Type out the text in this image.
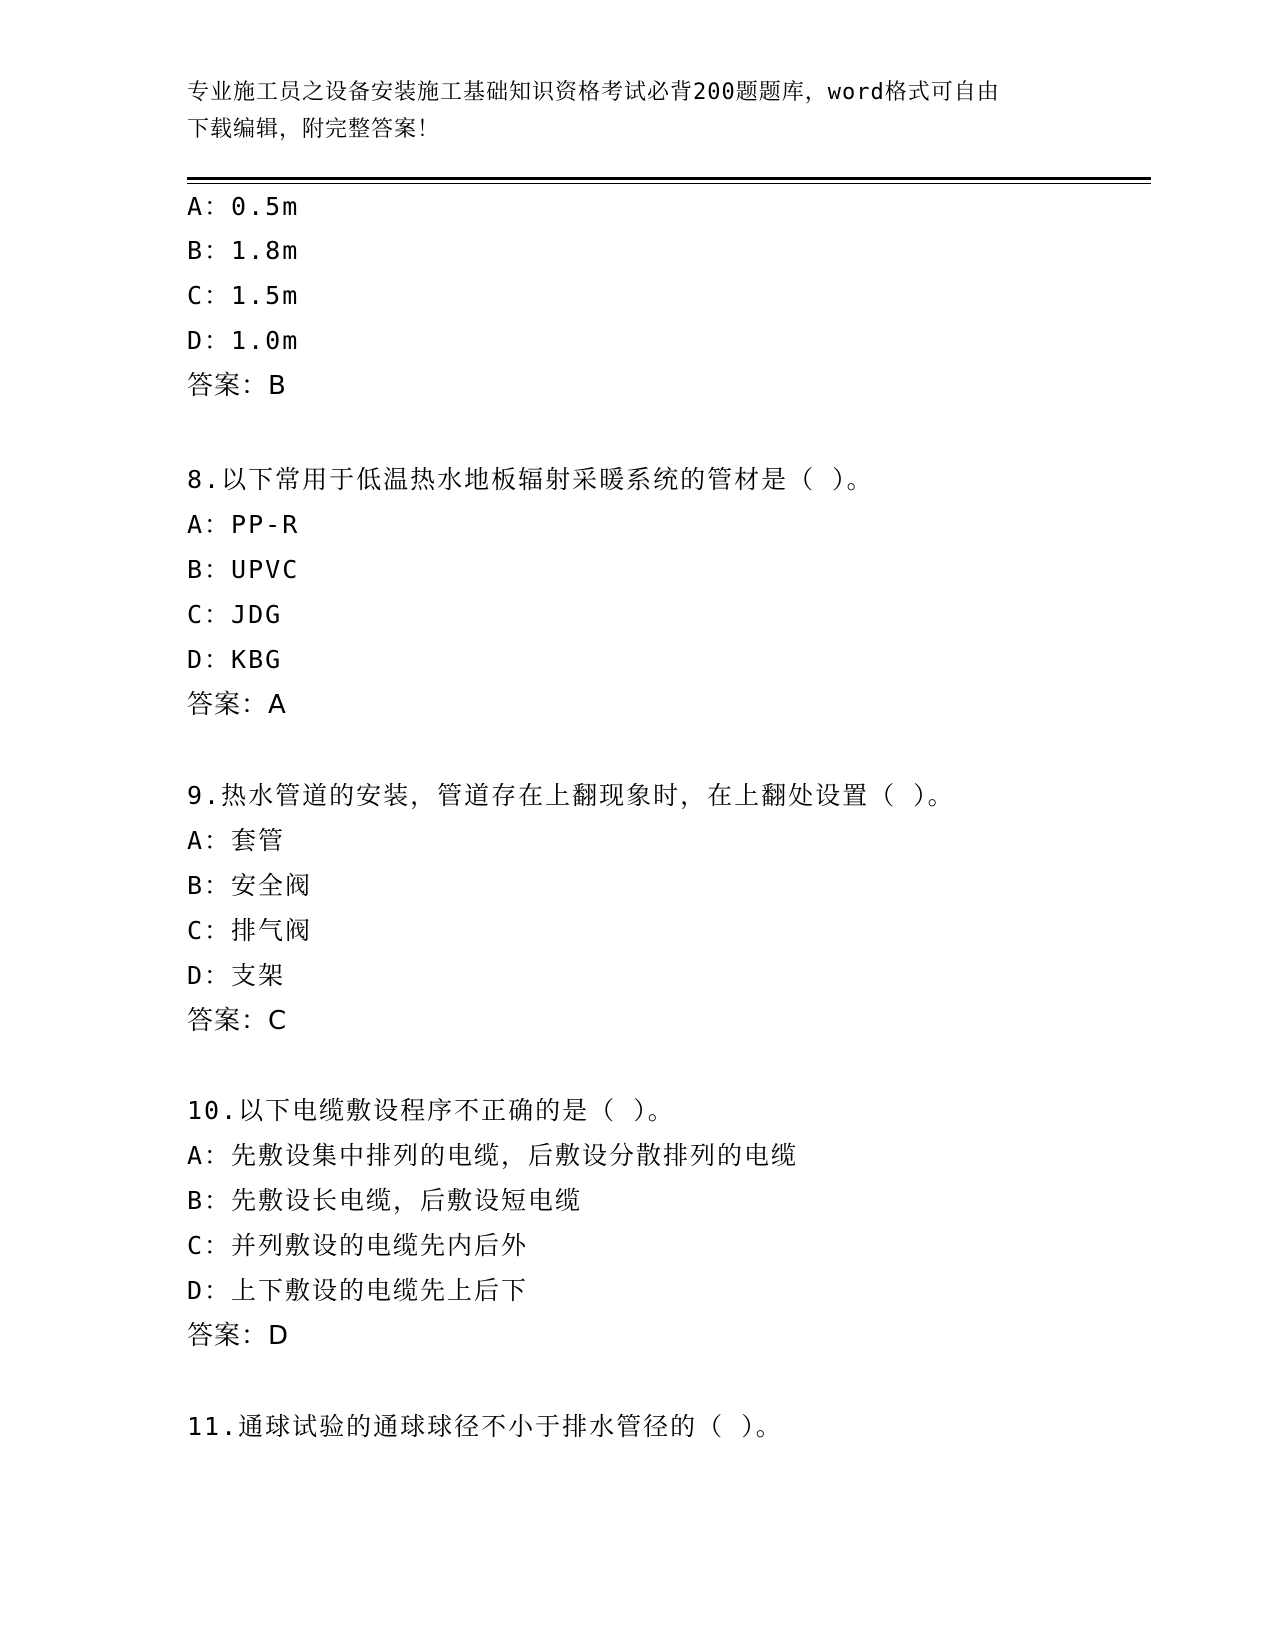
专业施工员之设备安装施工基础知识资格考试必背200题题库，word格式可自由
下载编辑，附完整答案！
A：0.5m
B：1.8m
C：1.5m
D：1.0m
答案：B
8.以下常用于低温热水地板辐射采暖系统的管材是（ ）。
A：PP-R
B：UPVC
C：JDG
D：KBG
答案：A
9.热水管道的安装，管道存在上翻现象时，在上翻处设置（ ）。
A：套管
B：安全阀
C：排气阀
D：支架
答案：C
10.以下电缆敷设程序不正确的是（ ）。
A：先敷设集中排列的电缆，后敷设分散排列的电缆
B：先敷设长电缆，后敷设短电缆
C：并列敷设的电缆先内后外
D：上下敷设的电缆先上后下
答案：D
11.通球试验的通球球径不小于排水管径的（ ）。
